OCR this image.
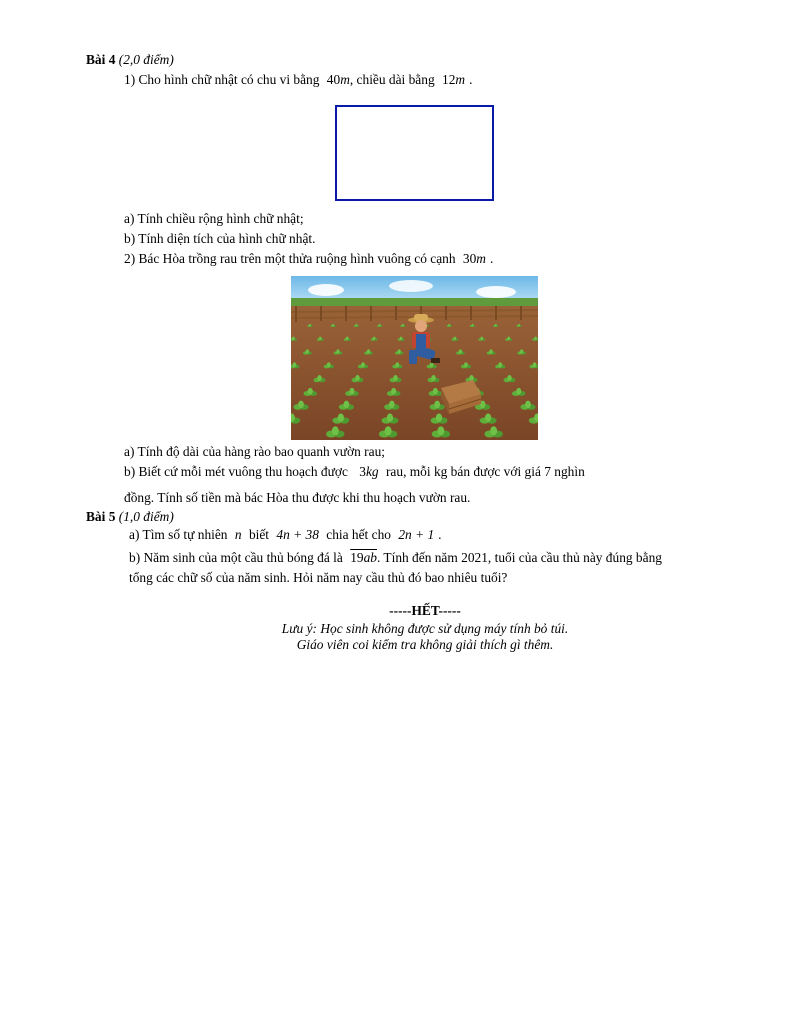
Bài 4 (2,0 điểm)
1) Cho hình chữ nhật có chu vi bằng 40m, chiều dài bằng 12m .
a) Tính chiều rộng hình chữ nhật;
b) Tính diện tích của hình chữ nhật.
2) Bác Hòa trồng rau trên một thửa ruộng hình vuông có cạnh 30m .
a) Tính độ dài của hàng rào bao quanh vườn rau;
b) Biết cứ mỗi mét vuông thu hoạch được 3kg rau, mỗi kg bán được với giá 7 nghìn
đồng. Tính số tiền mà bác Hòa thu được khi thu hoạch vườn rau.
Bài 5 (1,0 điểm)
a) Tìm số tự nhiên n biết 4n + 38 chia hết cho 2n + 1 .
b) Năm sinh của một cầu thủ bóng đá là 19ab. Tính đến năm 2021, tuổi của cầu thủ này đúng bằng
tổng các chữ số của năm sinh. Hỏi năm nay cầu thủ đó bao nhiêu tuổi?
-----HẾT-----
Lưu ý: Học sinh không được sử dụng máy tính bỏ túi.
Giáo viên coi kiểm tra không giải thích gì thêm.
